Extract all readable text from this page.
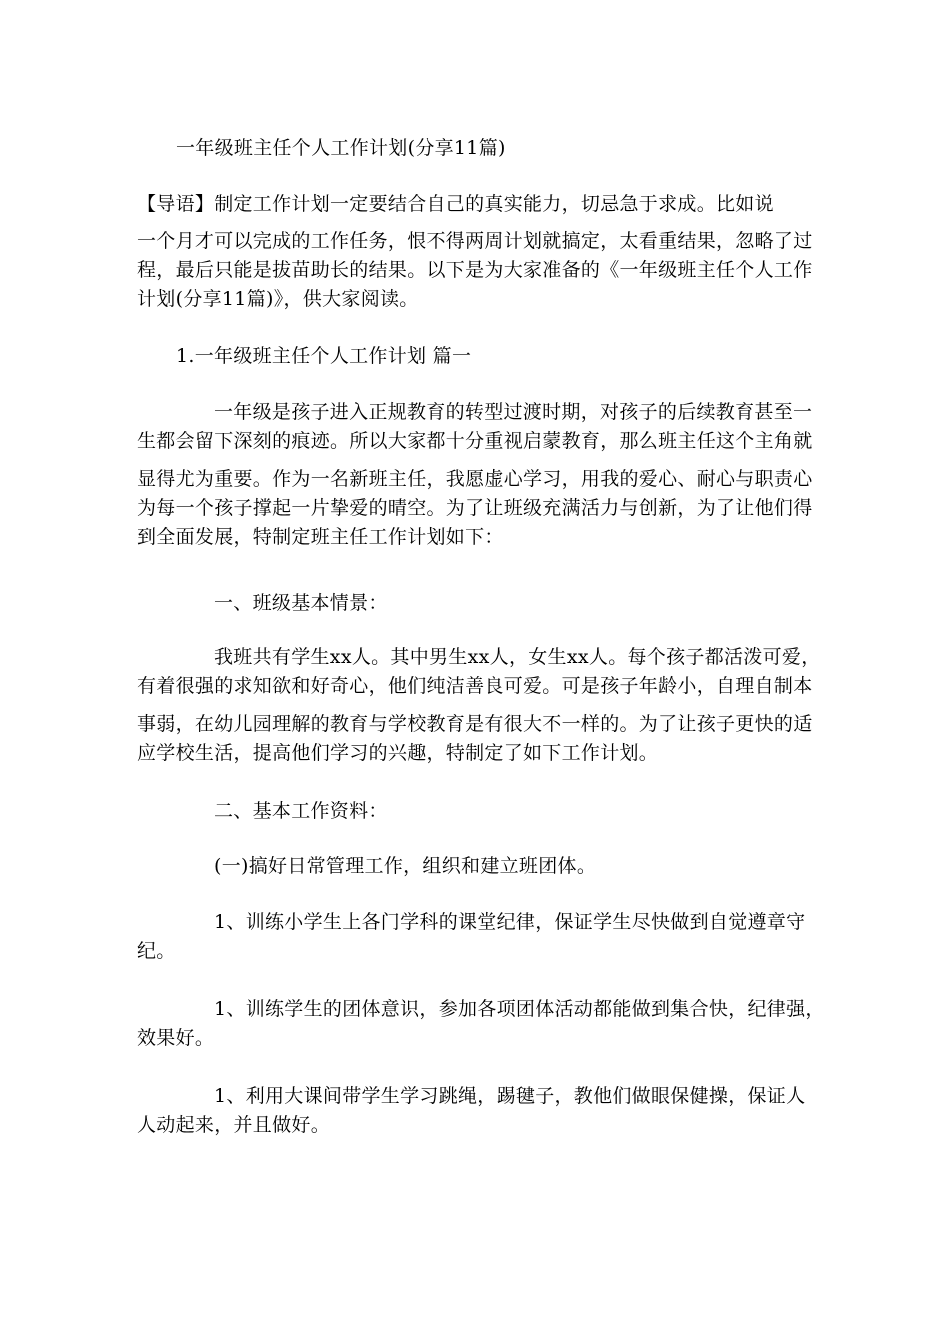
一年级班主任个人工作计划(分享11篇)
【导语】制定工作计划一定要结合自己的真实能力，切忌急于求成。比如说
一个月才可以完成的工作任务，恨不得两周计划就搞定，太看重结果，忽略了过
程，最后只能是拔苗助长的结果。以下是为大家准备的《一年级班主任个人工作
计划(分享11篇)》，供大家阅读。
1.一年级班主任个人工作计划 篇一
一年级是孩子进入正规教育的转型过渡时期，对孩子的后续教育甚至一
生都会留下深刻的痕迹。所以大家都十分重视启蒙教育，那么班主任这个主角就
显得尤为重要。作为一名新班主任，我愿虚心学习，用我的爱心、耐心与职责心
为每一个孩子撑起一片挚爱的晴空。为了让班级充满活力与创新，为了让他们得
到全面发展，特制定班主任工作计划如下：
一、班级基本情景：
我班共有学生xx人。其中男生xx人，女生xx人。每个孩子都活泼可爱，
有着很强的求知欲和好奇心，他们纯洁善良可爱。可是孩子年龄小，自理自制本
事弱，在幼儿园理解的教育与学校教育是有很大不一样的。为了让孩子更快的适
应学校生活，提高他们学习的兴趣，特制定了如下工作计划。
二、基本工作资料：
(一)搞好日常管理工作，组织和建立班团体。
1、训练小学生上各门学科的课堂纪律，保证学生尽快做到自觉遵章守
纪。
1、训练学生的团体意识，参加各项团体活动都能做到集合快，纪律强，
效果好。
1、利用大课间带学生学习跳绳，踢毽子，教他们做眼保健操，保证人
人动起来，并且做好。
